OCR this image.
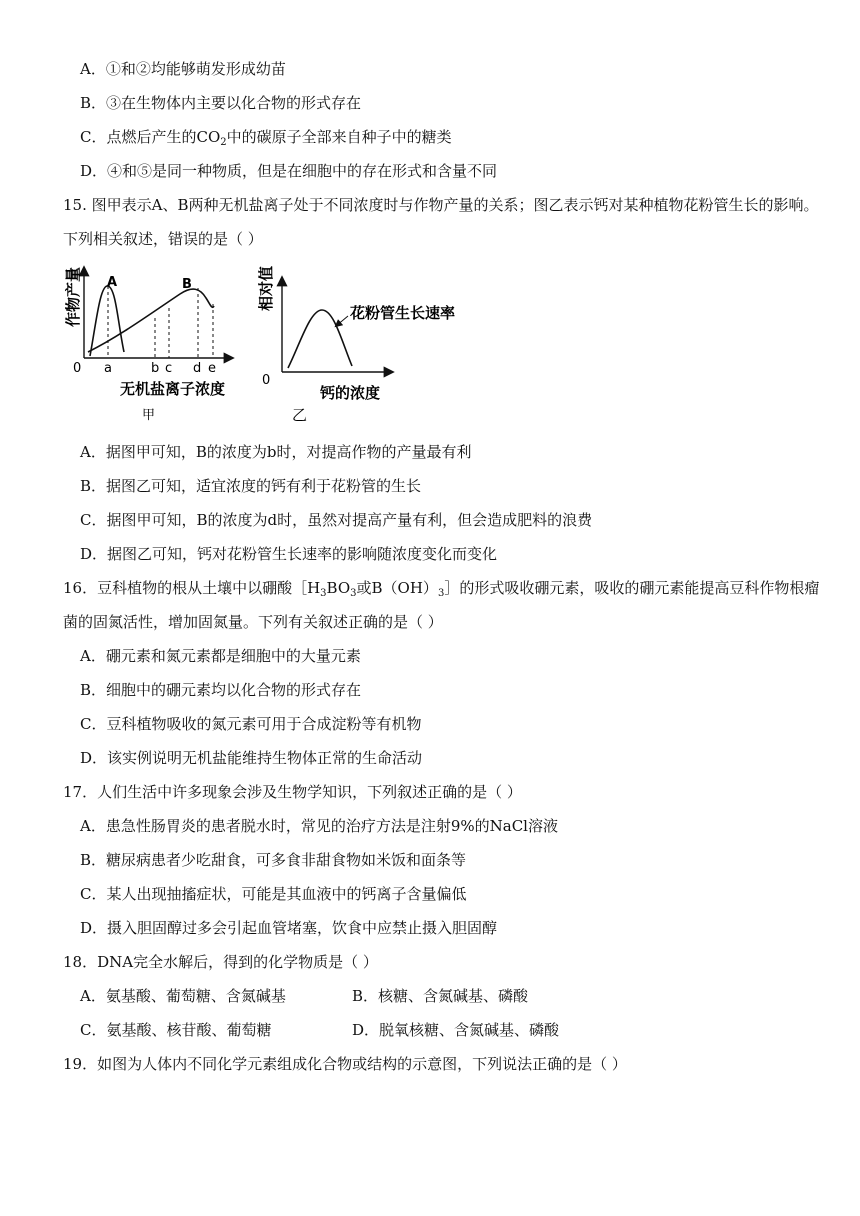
A．①和②均能够萌发形成幼苗
B．③在生物体内主要以化合物的形式存在
C．点燃后产生的$CO_2$中的碳原子全部来自种子中的糖类
D．④和⑤是同一种物质，但是在细胞中的存在形式和含量不同
15. 图甲表示A、B两种无机盐离子处于不同浓度时与作物产量的关系；图乙表示钙对某种植物花粉管生长的影响。
下列相关叙述，错误的是（ ）
作物产量
0
A	B
a	b c d e
无机盐离子浓度
甲
相对值
0
花粉管生长速率
钙的浓度
乙
A．据图甲可知，B的浓度为b时，对提高作物的产量最有利
B．据图乙可知，适宜浓度的钙有利于花粉管的生长
C．据图甲可知，B的浓度为d时，虽然对提高产量有利，但会造成肥料的浪费
D．据图乙可知，钙对花粉管生长速率的影响随浓度变化而变化
16．豆科植物的根从土壤中以硼酸$[H_3BO_3$或$B(OH)_3]$的形式吸收硼元素，吸收的硼元素能提高豆科作物根瘤
菌的固氮活性，增加固氮量。下列有关叙述正确的是（ ）
A．硼元素和氮元素都是细胞中的大量元素
B．细胞中的硼元素均以化合物的形式存在
C．豆科植物吸收的氮元素可用于合成淀粉等有机物
D．该实例说明无机盐能维持生物体正常的生命活动
17．人们生活中许多现象会涉及生物学知识，下列叙述正确的是（ ）
A．患急性肠胃炎的患者脱水时，常见的治疗方法是注射9%的NaCl溶液
B．糖尿病患者少吃甜食，可多食非甜食物如米饭和面条等
C．某人出现抽搐症状，可能是其血液中的钙离子含量偏低
D．摄入胆固醇过多会引起血管堵塞，饮食中应禁止摄入胆固醇
18．DNA完全水解后，得到的化学物质是（ ）
A．氨基酸、葡萄糖、含氮碱基	B．核糖、含氮碱基、磷酸
C．氨基酸、核苷酸、葡萄糖	D．脱氧核糖、含氮碱基、磷酸
19．如图为人体内不同化学元素组成化合物或结构的示意图，下列说法正确的是（ ）
